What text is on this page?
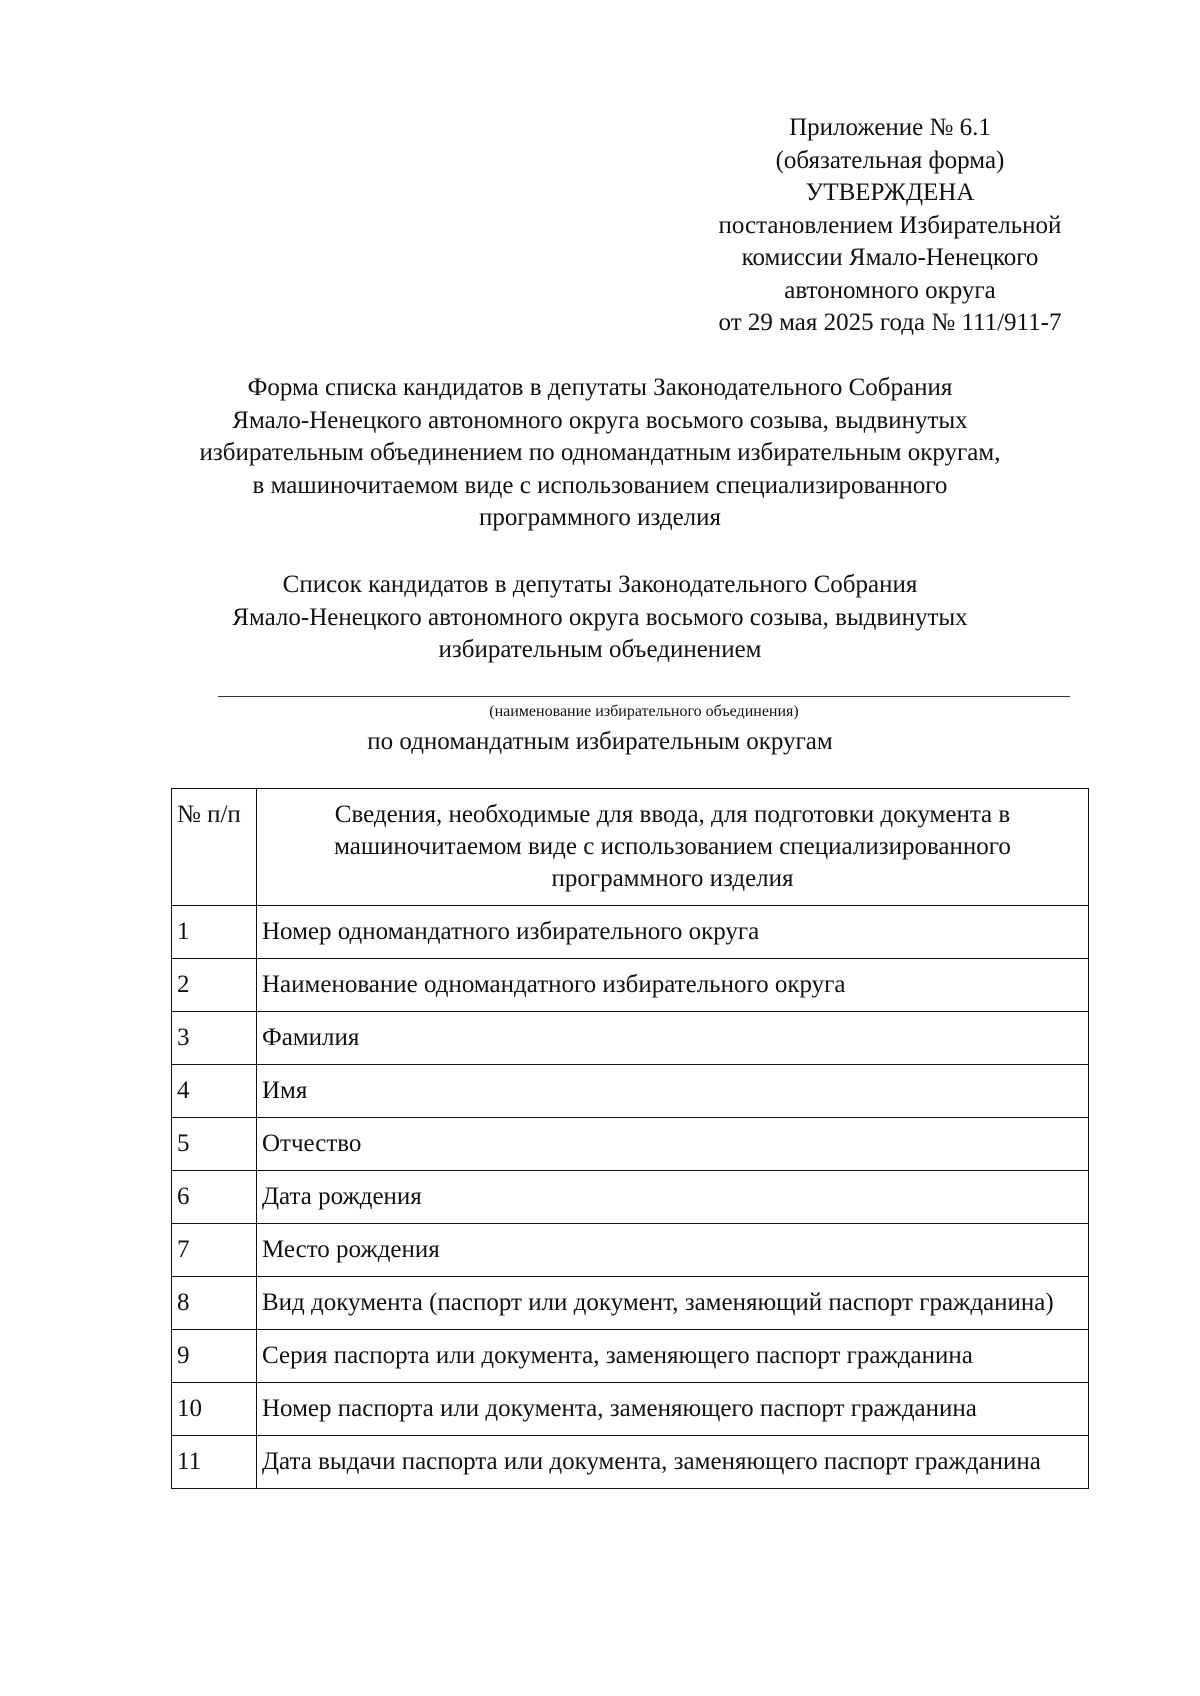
Приложение № 6.1
(обязательная форма)
УТВЕРЖДЕНА
постановлением Избирательной
комиссии Ямало-Ненецкого
автономного округа
от 29 мая 2025 года № 111/911-7
Форма списка кандидатов в депутаты Законодательного Собрания
Ямало-Ненецкого автономного округа восьмого созыва, выдвинутых
избирательным объединением по одномандатным избирательным округам,
в машиночитаемом виде с использованием специализированного
программного изделия
Список кандидатов в депутаты Законодательного Собрания
Ямало-Ненецкого автономного округа восьмого созыва, выдвинутых
избирательным объединением
(наименование избирательного объединения)
по одномандатным избирательным округам
№ п/п	Сведения, необходимые для ввода, для подготовки документа в машиночитаемом виде с использованием специализированного программного изделия
1	Номер одномандатного избирательного округа
2	Наименование одномандатного избирательного округа
3	Фамилия
4	Имя
5	Отчество
6	Дата рождения
7	Место рождения
8	Вид документа (паспорт или документ, заменяющий паспорт гражданина)
9	Серия паспорта или документа, заменяющего паспорт гражданина
10	Номер паспорта или документа, заменяющего паспорт гражданина
11	Дата выдачи паспорта или документа, заменяющего паспорт гражданина
